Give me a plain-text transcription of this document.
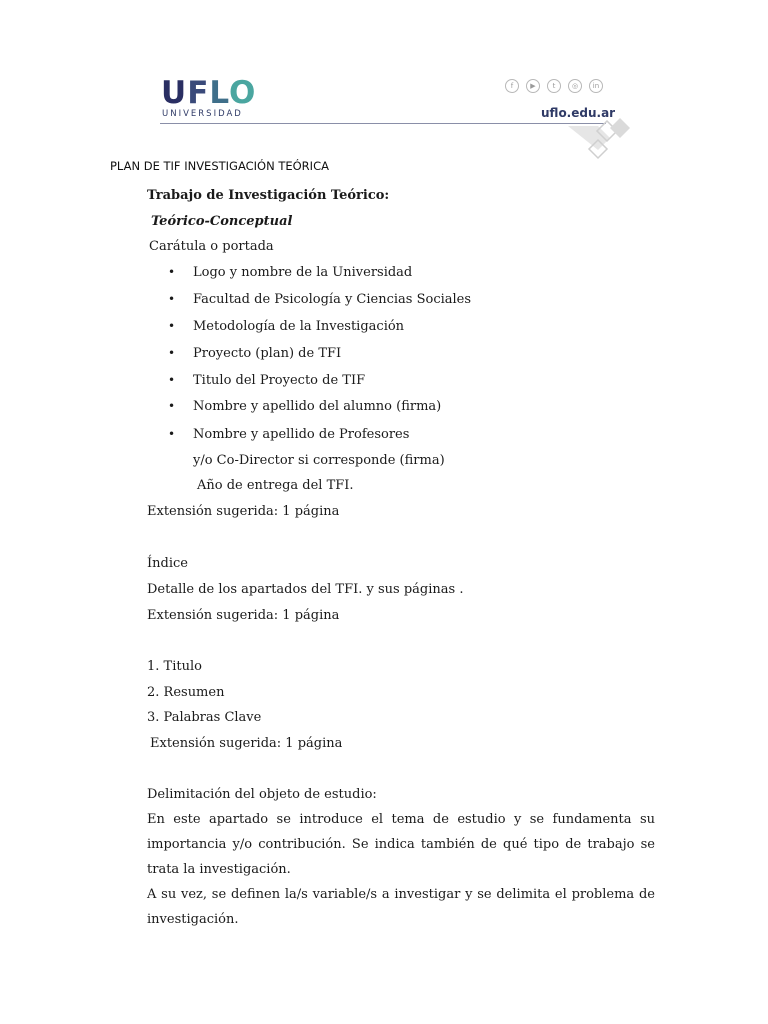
UFLO
UNIVERSIDAD
f	▶	t	◎	in
uflo.edu.ar
PLAN DE TIF INVESTIGACIÓN TEÓRICA
Trabajo de Investigación Teórico:
Teórico-Conceptual
Carátula o portada
• Logo y nombre de la Universidad
• Facultad de Psicología y Ciencias Sociales
• Metodología de la Investigación
• Proyecto (plan) de TFI
• Titulo del Proyecto de TIF
• Nombre y apellido del alumno (firma)
• Nombre y apellido de Profesores
y/o Co-Director si corresponde (firma)
Año de entrega del TFI.
Extensión sugerida: 1 página
Índice
Detalle de los apartados del TFI. y sus páginas .
Extensión sugerida: 1 página
1. Titulo
2. Resumen
3. Palabras Clave
Extensión sugerida: 1 página
Delimitación del objeto de estudio:
En este apartado se introduce el tema de estudio y se fundamenta su importancia y/o contribución. Se indica también de qué tipo de trabajo se trata la investigación.
A su vez, se definen la/s variable/s a investigar y se delimita el problema de investigación.
